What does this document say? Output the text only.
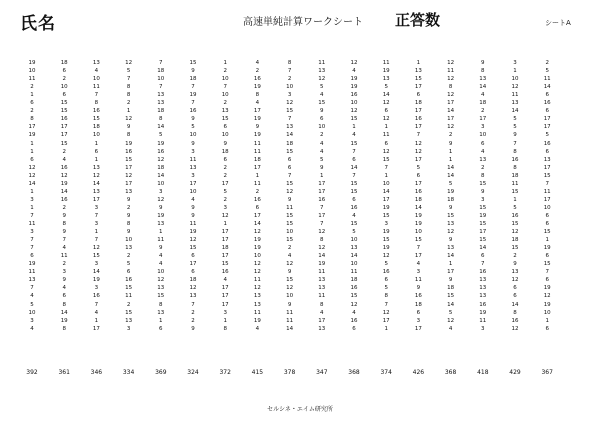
氏名	高速単純計算ワークシート 正答数	シートA
19
10
11
2
1
6
2
8
17
19
1
1
6
12
12
14
1
3
1
7
11
3
7
7
6
19
11
13
7
4
5
10
3
4
392
18
6
2
10
6
15
15
16
17
17
15
2
4
16
12
19
14
16
2
9
8
9
7
4
11
2
3
9
4
6
8
14
19
8
361
13
4
10
11
7
8
16
15
18
10
1
6
1
13
12
14
13
17
3
7
3
1
7
12
15
3
14
19
3
16
7
4
1
17
346
12
5
7
8
8
2
1
12
9
8
19
16
15
17
12
17
13
9
2
9
8
9
10
13
2
5
6
16
15
11
2
15
13
3
334
7
18
10
7
13
13
18
8
14
5
19
16
12
18
14
10
3
12
9
19
13
1
11
9
4
4
10
12
13
15
8
13
1
6
369
15
9
18
7
19
7
16
9
5
10
9
3
11
13
3
17
10
4
9
9
11
19
12
15
6
17
6
18
12
13
7
2
2
9
324
1
2
10
7
10
2
13
15
6
10
9
18
6
2
2
17
5
2
3
12
1
17
17
18
17
15
16
4
17
17
17
3
1
8
372
4
2
16
19
8
4
17
19
9
19
11
11
18
17
1
11
2
16
6
17
14
12
19
19
10
12
12
11
12
13
13
11
19
4
415
8
7
2
10
3
12
15
7
13
14
18
15
6
6
7
15
12
9
11
15
15
10
15
2
4
12
9
15
12
10
9
11
11
14
378
11
13
12
5
4
15
9
6
10
2
4
4
5
9
1
17
17
16
7
17
7
12
8
12
14
19
11
13
13
11
8
4
17
13
347
12
4
19
19
16
10
12
15
1
4
15
7
6
14
7
15
15
6
16
4
15
5
10
13
14
10
11
18
16
15
12
4
16
6
368
11
19
13
5
14
12
6
12
1
11
6
12
15
7
1
10
14
17
19
15
3
19
15
19
12
5
16
6
5
8
7
12
17
1
374
1
13
15
17
6
18
17
16
17
7
12
12
17
5
6
17
16
18
14
19
19
10
15
7
17
4
3
11
9
16
18
6
3
17
426
12
11
12
8
12
17
14
17
12
2
9
1
1
14
14
5
19
18
9
15
13
12
9
13
14
1
17
9
18
15
14
5
12
4
368
9
8
13
14
4
18
2
17
3
10
6
4
13
2
8
15
9
3
15
19
15
17
15
14
6
7
16
13
13
13
16
19
11
3
418
3
1
10
12
11
13
14
5
5
9
7
8
16
8
18
11
15
1
5
16
15
12
18
15
2
9
13
12
6
6
14
8
16
12
429
2
5
11
14
6
16
6
17
17
5
16
6
13
17
15
7
11
17
10
6
6
15
1
19
6
15
7
6
19
12
19
10
1
6
367
セルシネ・エイム研究所
